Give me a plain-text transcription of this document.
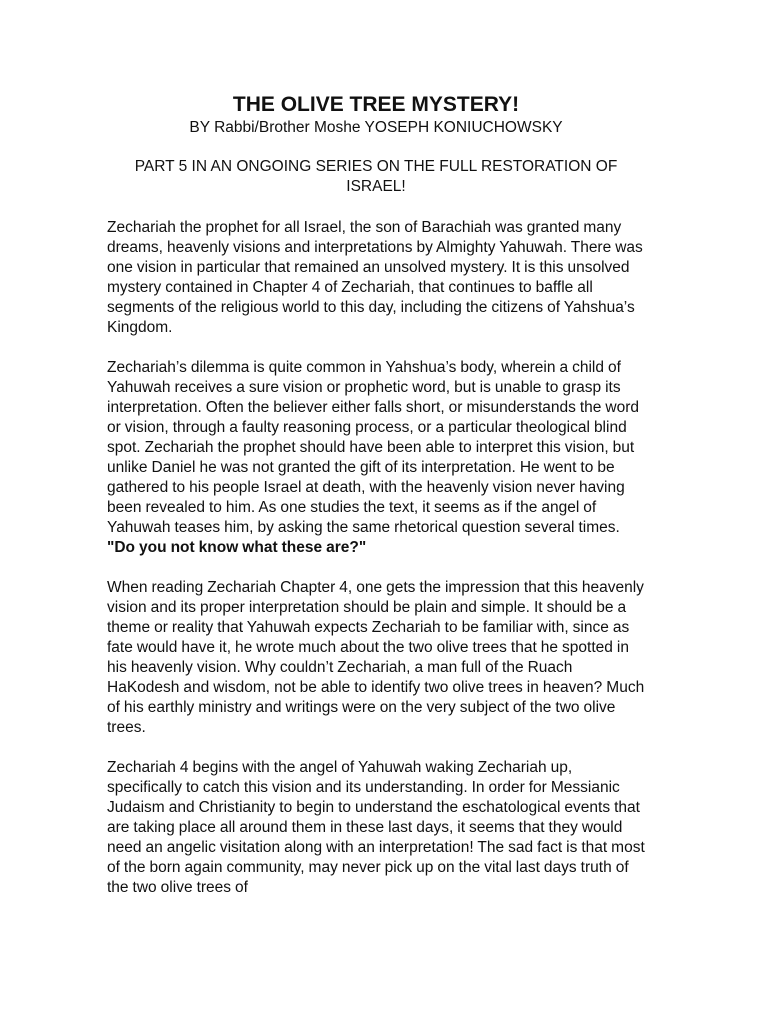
THE OLIVE TREE MYSTERY!

BY Rabbi/Brother Moshe YOSEPH KONIUCHOWSKY

PART 5 IN AN ONGOING SERIES ON THE FULL RESTORATION OF
ISRAEL!

Zechariah the prophet for all Israel, the son of Barachiah was granted many dreams, heavenly visions and interpretations by Almighty Yahuwah. There was one vision in particular that remained an unsolved mystery. It is this unsolved mystery contained in Chapter 4 of Zechariah, that continues to baffle all segments of the religious world to this day, including the citizens of Yahshua’s Kingdom.

Zechariah’s dilemma is quite common in Yahshua’s body, wherein a child of Yahuwah receives a sure vision or prophetic word, but is unable to grasp its interpretation. Often the believer either falls short, or misunderstands the word or vision, through a faulty reasoning process, or a particular theological blind spot. Zechariah the prophet should have been able to interpret this vision, but unlike Daniel he was not granted the gift of its interpretation. He went to be gathered to his people Israel at death, with the heavenly vision never having been revealed to him. As one studies the text, it seems as if the angel of Yahuwah teases him, by asking the same rhetorical question several times. "Do you not know what these are?"

When reading Zechariah Chapter 4, one gets the impression that this heavenly vision and its proper interpretation should be plain and simple. It should be a theme or reality that Yahuwah expects Zechariah to be familiar with, since as fate would have it, he wrote much about the two olive trees that he spotted in his heavenly vision. Why couldn’t Zechariah, a man full of the Ruach HaKodesh and wisdom, not be able to identify two olive trees in heaven? Much of his earthly ministry and writings were on the very subject of the two olive trees.

Zechariah 4 begins with the angel of Yahuwah waking Zechariah up, specifically to catch this vision and its understanding. In order for Messianic Judaism and Christianity to begin to understand the eschatological events that are taking place all around them in these last days, it seems that they would need an angelic visitation along with an interpretation! The sad fact is that most of the born again community, may never pick up on the vital last days truth of the two olive trees of
